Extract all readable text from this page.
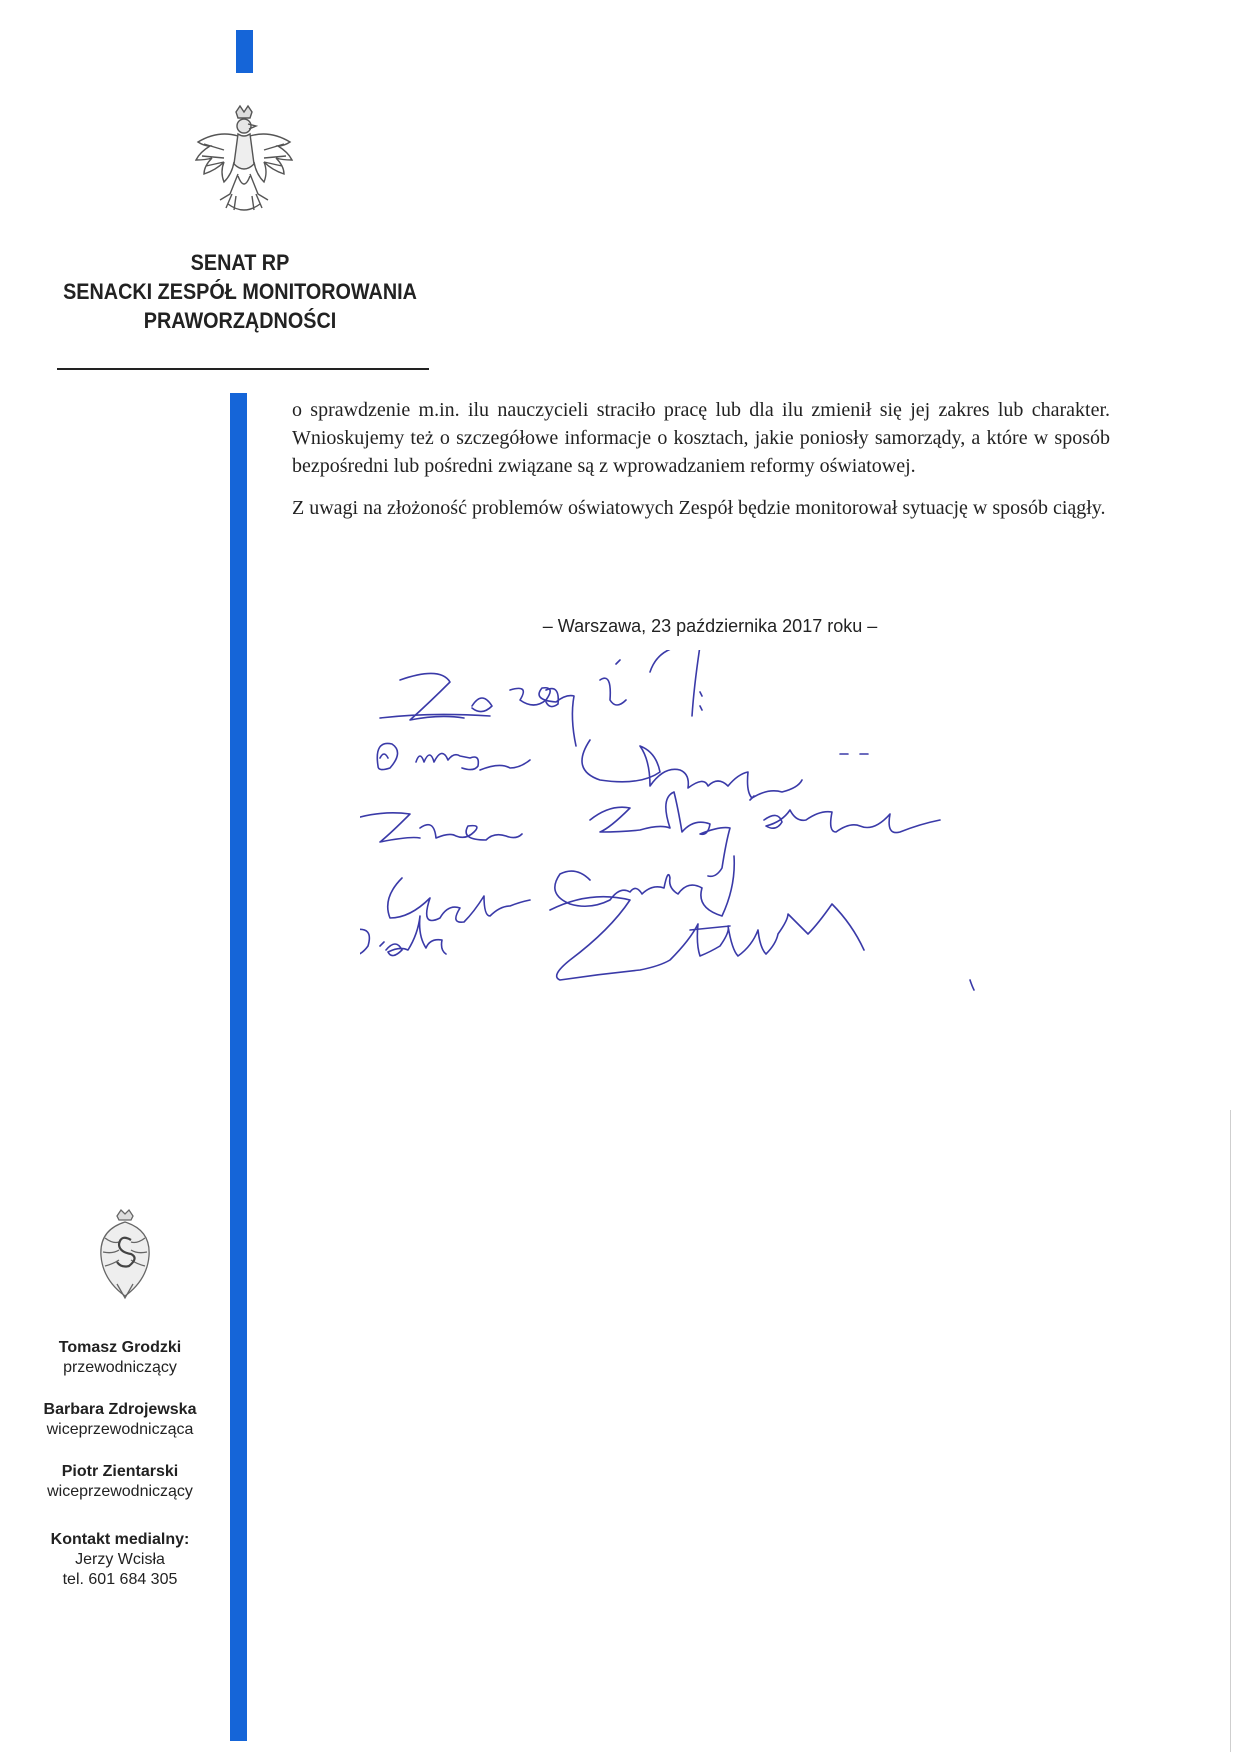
SENAT RP
SENACKI ZESPÓŁ MONITOROWANIA
PRAWORZĄDNOŚCI

o sprawdzenie m.in. ilu nauczycieli straciło pracę lub dla ilu zmienił się jej zakres lub charakter. Wnioskujemy też o szczegółowe informacje o kosztach, jakie poniosły samorządy, a które w sposób bezpośredni lub pośredni związane są z wprowadzaniem reformy oświatowej.

Z uwagi na złożoność problemów oświatowych Zespół będzie monitorował sytuację w sposób ciągły.

– Warszawa, 23 października 2017 roku –
Tomasz Grodzki
przewodniczący
Barbara Zdrojewska
wiceprzewodnicząca
Piotr Zientarski
wiceprzewodniczący
Kontakt medialny:
Jerzy Wcisła
tel. 601 684 305
